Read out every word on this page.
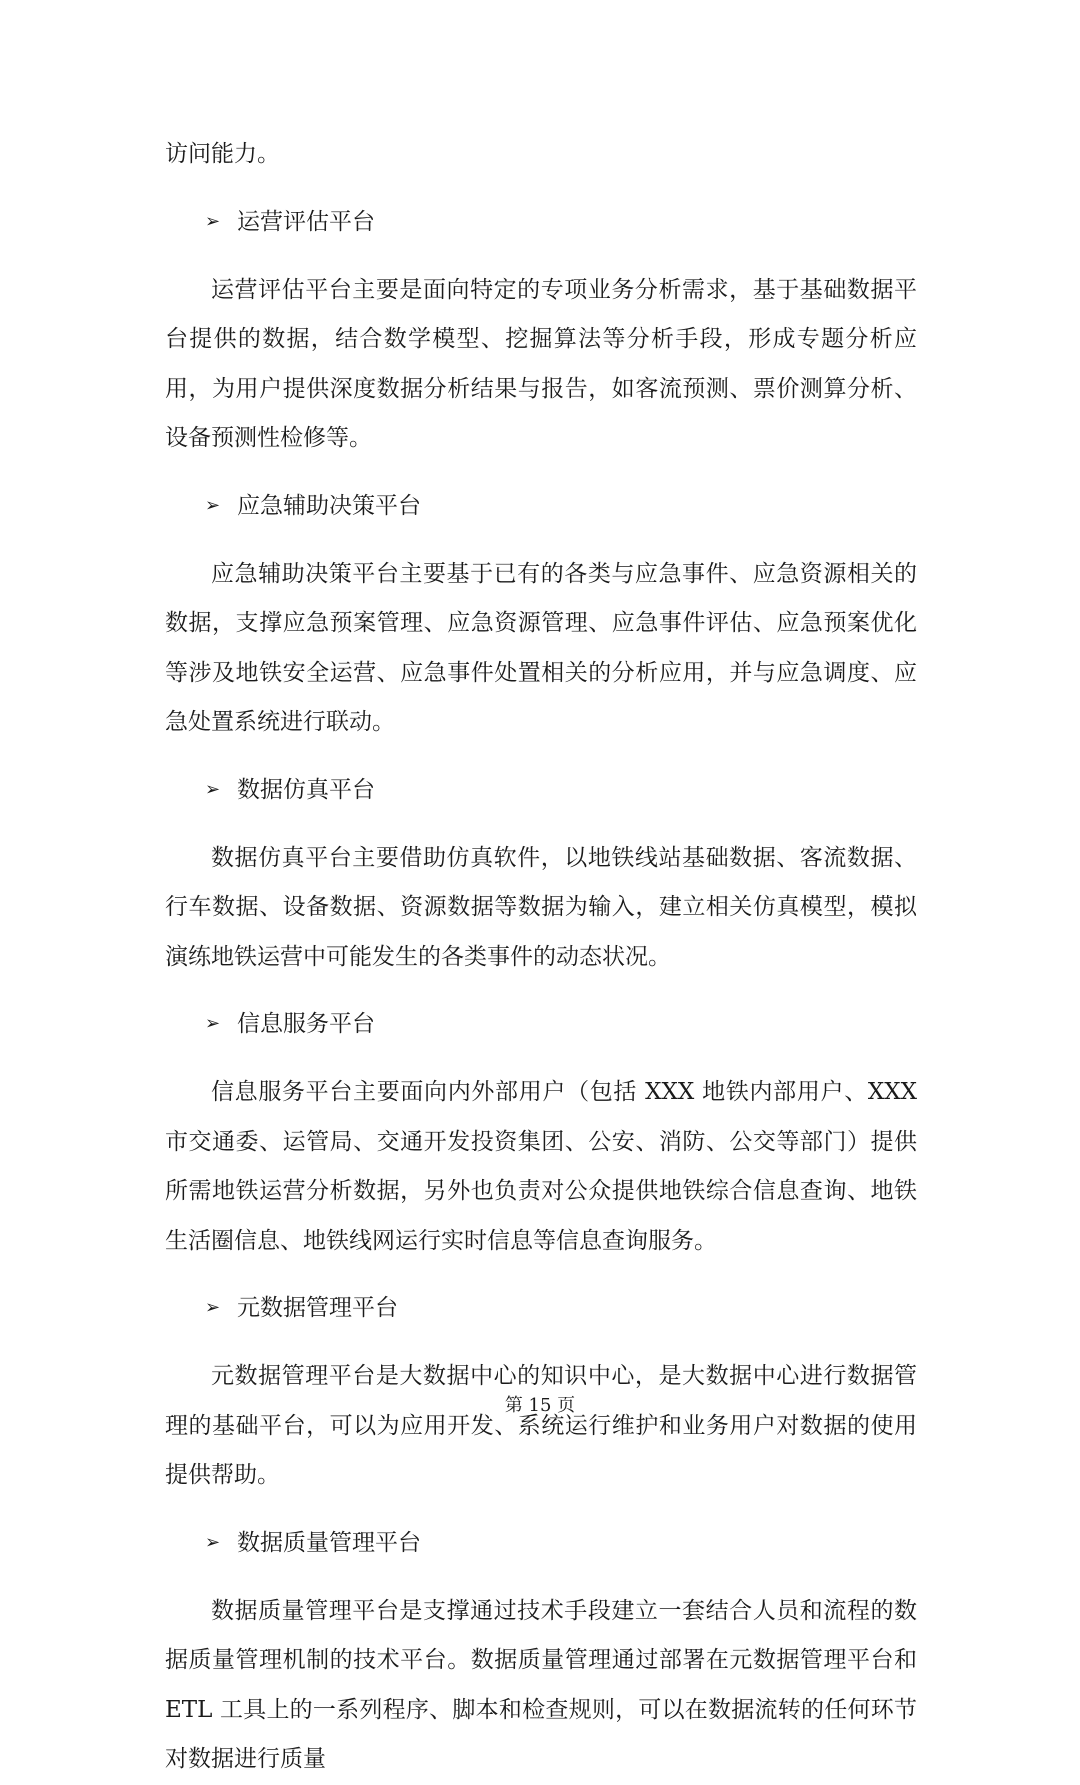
访问能力。

➢ 运营评估平台

运营评估平台主要是面向特定的专项业务分析需求，基于基础数据平台提供的数据，结合数学模型、挖掘算法等分析手段，形成专题分析应用，为用户提供深度数据分析结果与报告，如客流预测、票价测算分析、设备预测性检修等。

➢ 应急辅助决策平台

应急辅助决策平台主要基于已有的各类与应急事件、应急资源相关的数据，支撑应急预案管理、应急资源管理、应急事件评估、应急预案优化等涉及地铁安全运营、应急事件处置相关的分析应用，并与应急调度、应急处置系统进行联动。

➢ 数据仿真平台

数据仿真平台主要借助仿真软件，以地铁线站基础数据、客流数据、行车数据、设备数据、资源数据等数据为输入，建立相关仿真模型，模拟演练地铁运营中可能发生的各类事件的动态状况。

➢ 信息服务平台

信息服务平台主要面向内外部用户（包括 XXX 地铁内部用户、XXX 市交通委、运管局、交通开发投资集团、公安、消防、公交等部门）提供所需地铁运营分析数据，另外也负责对公众提供地铁综合信息查询、地铁生活圈信息、地铁线网运行实时信息等信息查询服务。

➢ 元数据管理平台

元数据管理平台是大数据中心的知识中心，是大数据中心进行数据管理的基础平台，可以为应用开发、系统运行维护和业务用户对数据的使用提供帮助。

➢ 数据质量管理平台

数据质量管理平台是支撑通过技术手段建立一套结合人员和流程的数据质量管理机制的技术平台。数据质量管理通过部署在元数据管理平台和 ETL 工具上的一系列程序、脚本和检查规则，可以在数据流转的任何环节对数据进行质量

第 15 页
